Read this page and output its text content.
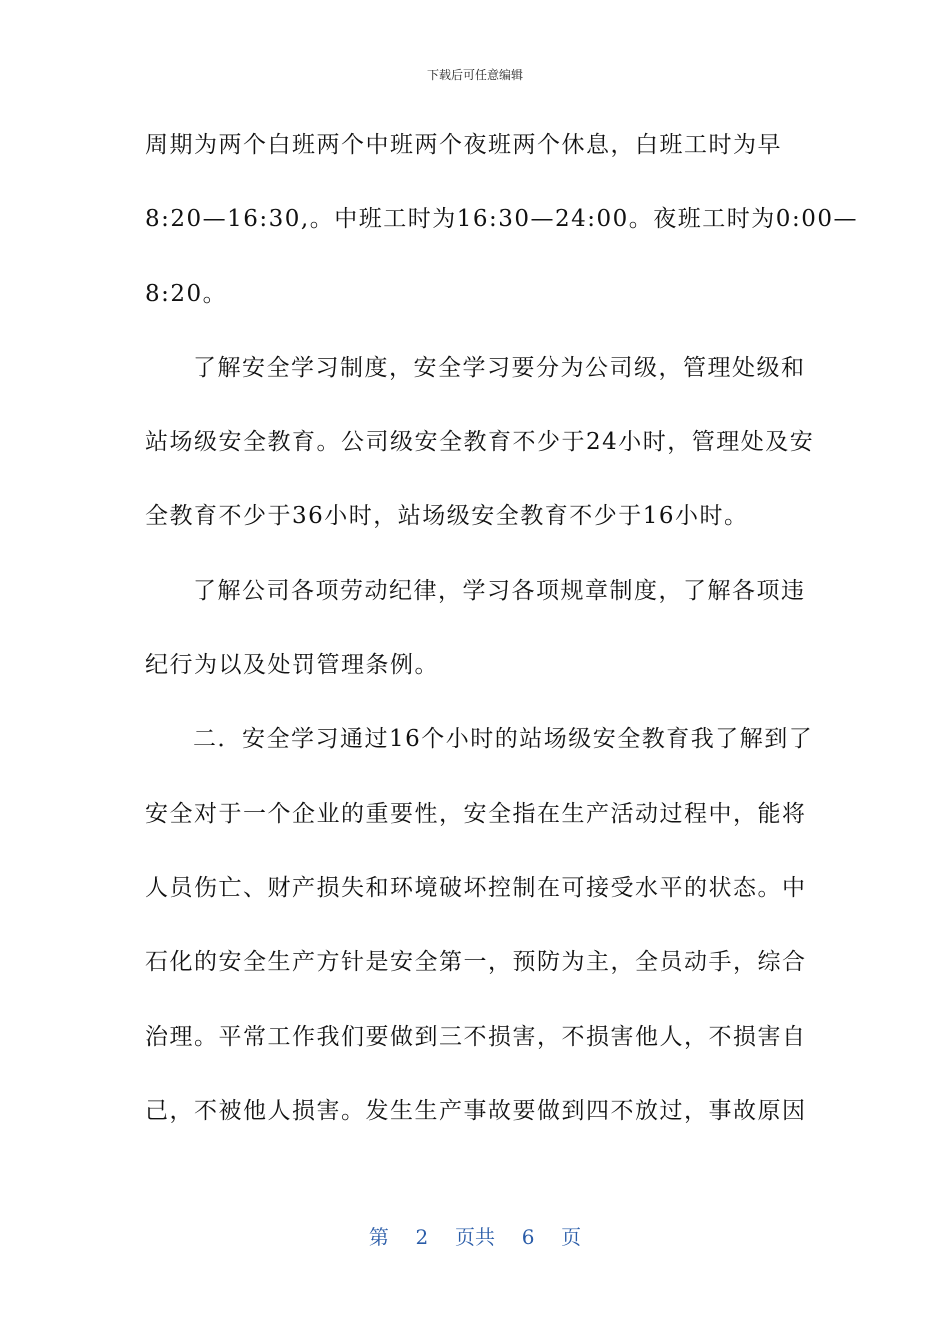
下载后可任意编辑
周期为两个白班两个中班两个夜班两个休息，白班工时为早
8:20—16:30,。中班工时为16:30—24:00。夜班工时为0:00—
8:20。
了解安全学习制度，安全学习要分为公司级，管理处级和
站场级安全教育。公司级安全教育不少于24小时，管理处及安
全教育不少于36小时，站场级安全教育不少于16小时。
了解公司各项劳动纪律，学习各项规章制度，了解各项违
纪行为以及处罚管理条例。
二．安全学习通过16个小时的站场级安全教育我了解到了
安全对于一个企业的重要性，安全指在生产活动过程中，能将
人员伤亡、财产损失和环境破坏控制在可接受水平的状态。中
石化的安全生产方针是安全第一，预防为主，全员动手，综合
治理。平常工作我们要做到三不损害，不损害他人，不损害自
己，不被他人损害。发生生产事故要做到四不放过，事故原因
第 2 页共 6 页
